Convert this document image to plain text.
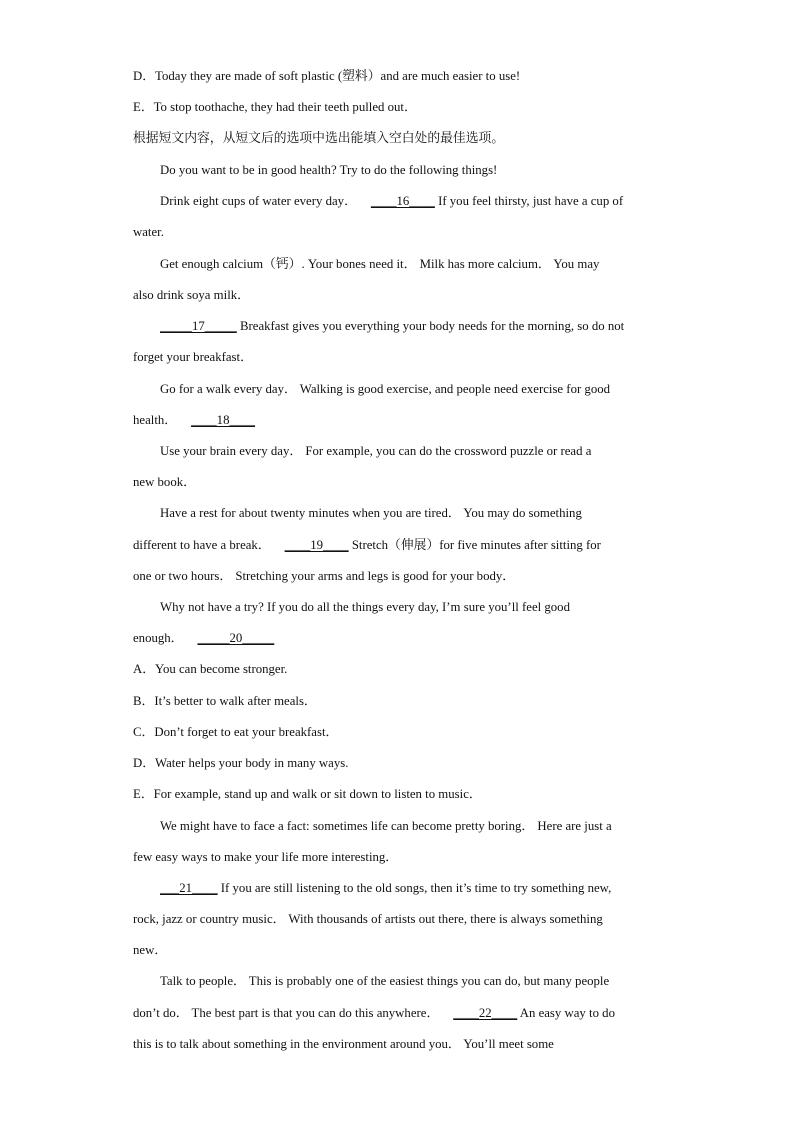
D．Today they are made of soft plastic (塑料）and are much easier to use!
E．To stop toothache, they had their teeth pulled out．
根据短文内容，从短文后的选项中选出能填入空白处的最佳选项。
Do you want to be in good health? Try to do the following things!
Drink eight cups of water every day． ____16____ If you feel thirsty, just have a cup of
water.
Get enough calcium（钙）. Your bones need it． Milk has more calcium． You may
also drink soya milk．
_____17_____ Breakfast gives you everything your body needs for the morning, so do not
forget your breakfast．
Go for a walk every day． Walking is good exercise, and people need exercise for good
health． ____18____
Use your brain every day． For example, you can do the crossword puzzle or read a
new book．
Have a rest for about twenty minutes when you are tired． You may do something
different to have a break． ____19____ Stretch（伸展）for five minutes after sitting for
one or two hours． Stretching your arms and legs is good for your body．
Why not have a try? If you do all the things every day, I’m sure you’ll feel good
enough． _____20_____
A．You can become stronger.
B．It’s better to walk after meals．
C．Don’t forget to eat your breakfast．
D．Water helps your body in many ways.
E．For example, stand up and walk or sit down to listen to music．
We might have to face a fact: sometimes life can become pretty boring． Here are just a
few easy ways to make your life more interesting．
___21____ If you are still listening to the old songs, then it’s time to try something new,
rock, jazz or country music． With thousands of artists out there, there is always something
new．
Talk to people． This is probably one of the easiest things you can do, but many people
don’t do． The best part is that you can do this anywhere． ____22____ An easy way to do
this is to talk about something in the environment around you． You’ll meet some
